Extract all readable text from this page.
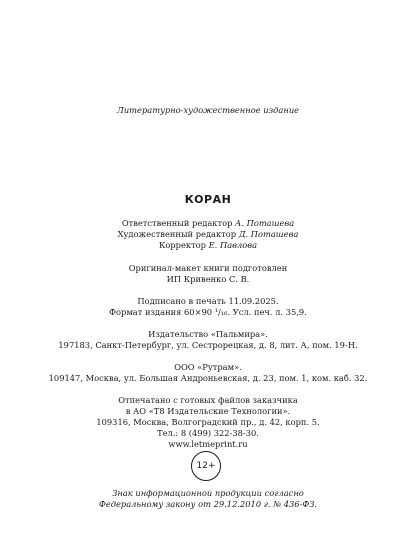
Литературно-художественное издание
КОРАН
Ответственный редактор А. Поташева
Художественный редактор Д. Поташева
Корректор Е. Павлова
Оригинал-макет книги подготовлен
ИП Кривенко С. В.
Подписано в печать 11.09.2025.
Формат издания 60×90 ¹/₁₆. Усл. печ. л. 35,9.
Издательство «Пальмира».
197183, Санкт-Петербург, ул. Сестрорецкая, д. 8, лит. А, пом. 19-Н.
ООО «Рутрам».
109147, Москва, ул. Большая Андроньевская, д. 23, пом. 1, ком. каб. 32.
Отпечатано с готовых файлов заказчика
в АО «Т8 Издательские Технологии».
109316, Москва, Волгоградский пр., д. 42, корп. 5.
Тел.: 8 (499) 322-38-30.
www.letmeprint.ru
12+
Знак информационной продукции согласно
Федеральному закону от 29.12.2010 г. № 436-ФЗ.
